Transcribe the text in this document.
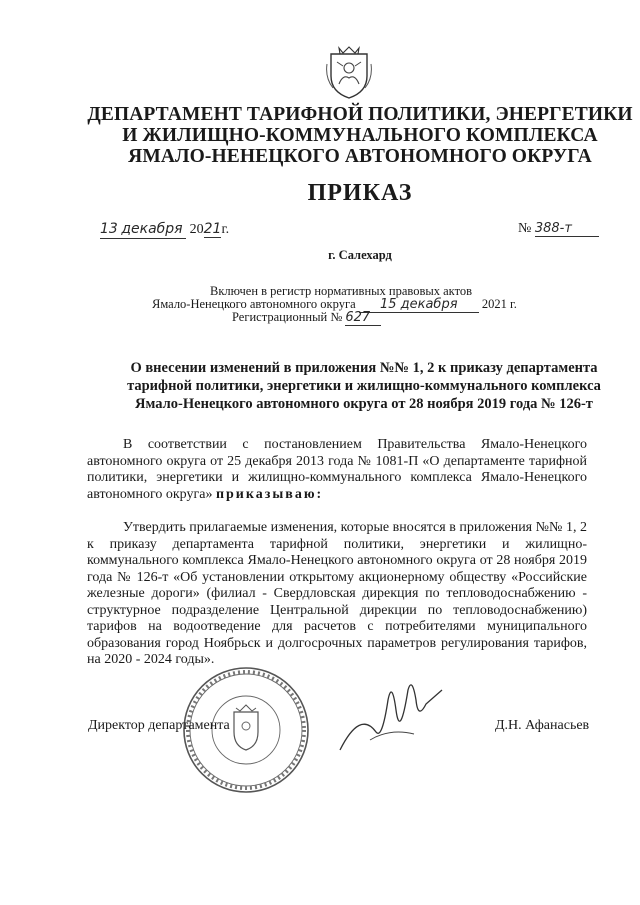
ДЕПАРТАМЕНТ ТАРИФНОЙ ПОЛИТИКИ, ЭНЕРГЕТИКИ
И ЖИЛИЩНО-КОММУНАЛЬНОГО КОМПЛЕКСА
ЯМАЛО-НЕНЕЦКОГО АВТОНОМНОГО ОКРУГА
ПРИКАЗ
13 декабря 2021г.	№ 388-т
г. Салехард
Включен в регистр нормативных правовых актов
Ямало-Ненецкого автономного округа 15 декабря 2021 г.
Регистрационный № 627
О внесении изменений в приложения №№ 1, 2 к приказу департамента
тарифной политики, энергетики и жилищно-коммунального комплекса
Ямало-Ненецкого автономного округа от 28 ноября 2019 года № 126-т

В соответствии с постановлением Правительства Ямало-Ненецкого автономного округа от 25 декабря 2013 года № 1081-П «О департаменте тарифной политики, энергетики и жилищно-коммунального комплекса Ямало-Ненецкого автономного округа» приказываю:

Утвердить прилагаемые изменения, которые вносятся в приложения №№ 1, 2 к приказу департамента тарифной политики, энергетики и жилищно-коммунального комплекса Ямало-Ненецкого автономного округа от 28 ноября 2019 года № 126-т «Об установлении открытому акционерному обществу «Российские железные дороги» (филиал - Свердловская дирекция по тепловодоснабжению - структурное подразделение Центральной дирекции по тепловодоснабжению) тарифов на водоотведение для расчетов с потребителями муниципального образования город Ноябрьск и долгосрочных параметров регулирования тарифов, на 2020 - 2024 годы».

Директор департамента	Д.Н. Афанасьев
